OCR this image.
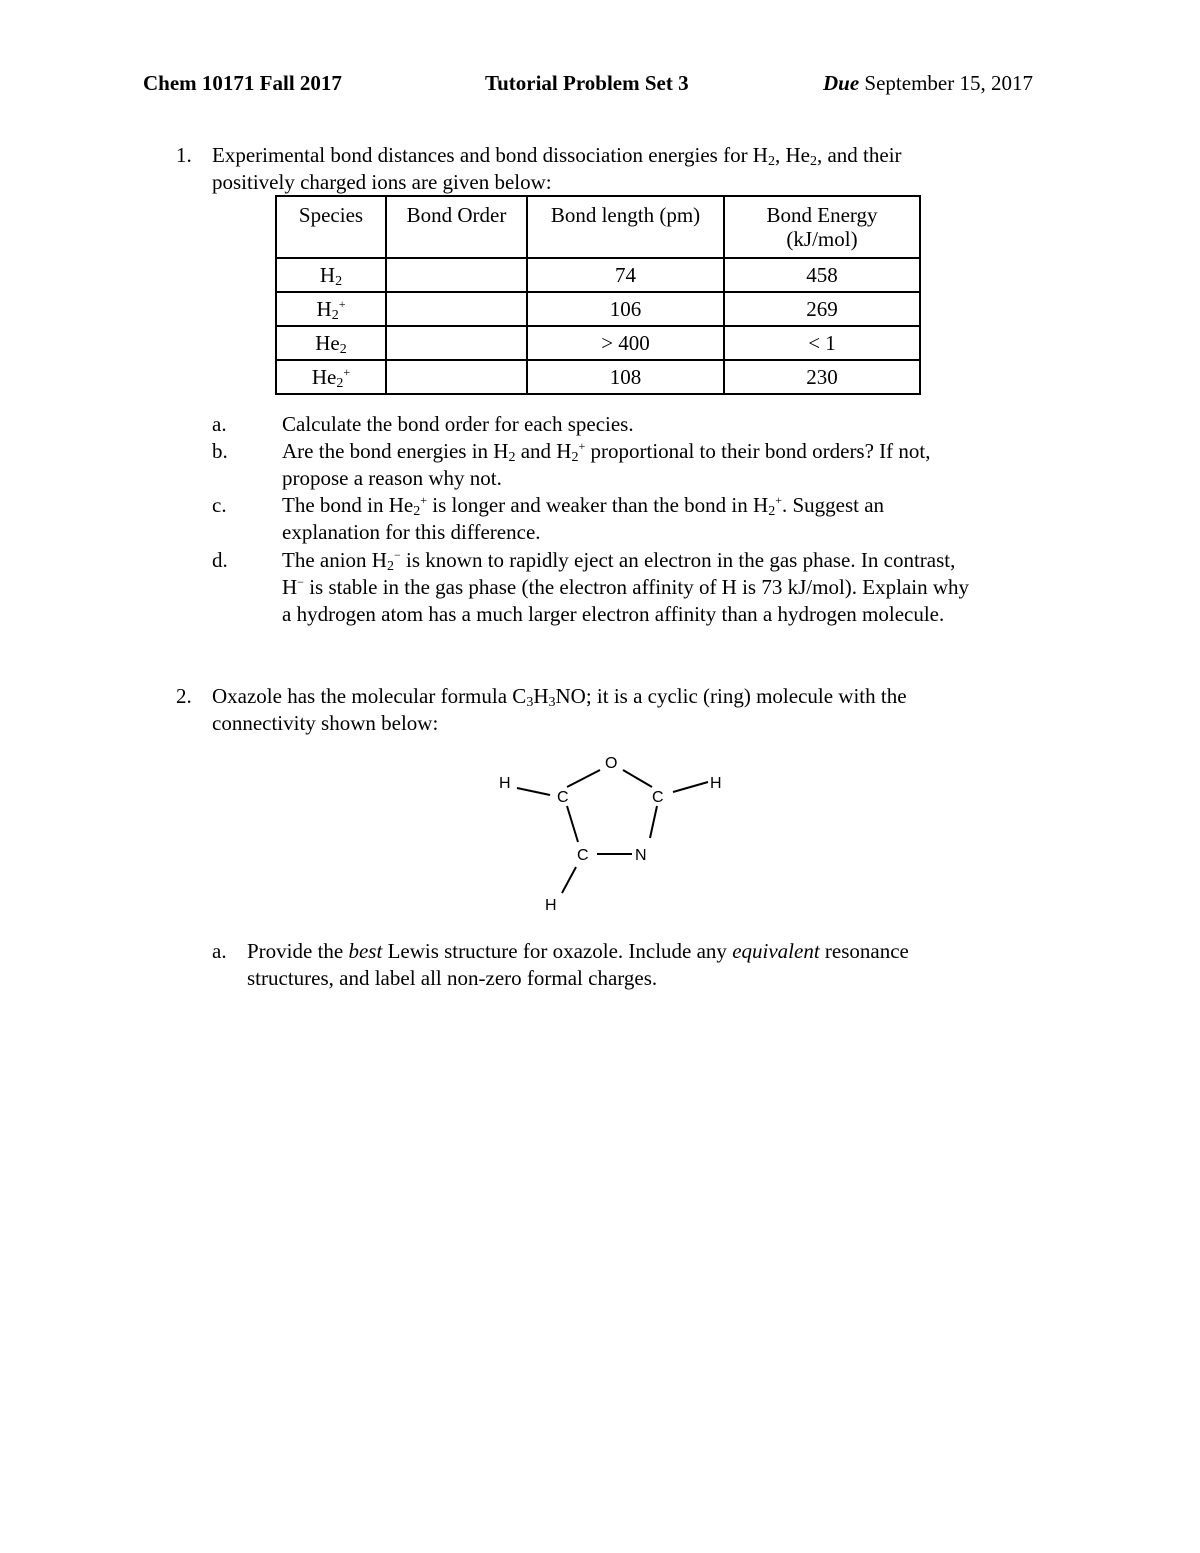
Chem 10171 Fall 2017	Tutorial Problem Set 3	Due September 15, 2017
1. Experimental bond distances and bond dissociation energies for $H_2$, $He_2$, and their
positively charged ions are given below:
Species	Bond Order	Bond length (pm)	Bond Energy
(kJ/mol)
$H_2$		74	458
$H_2^+$		106	269
$He_2$		> 400	< 1
$He_2^+$		108	230
a.	Calculate the bond order for each species.
b.	Are the bond energies in $H_2$ and $H_2^+$ proportional to their bond orders? If not,
propose a reason why not.
c.	The bond in $He_2^+$ is longer and weaker than the bond in $H_2^+$. Suggest an
explanation for this difference.
d.	The anion $H_2^-$ is known to rapidly eject an electron in the gas phase. In contrast,
H− is stable in the gas phase (the electron affinity of H is 73 kJ/mol). Explain why
a hydrogen atom has a much larger electron affinity than a hydrogen molecule.
2. Oxazole has the molecular formula $C_3H_3NO$; it is a cyclic (ring) molecule with the
connectivity shown below:
O
C	C
C	N
H	H
H
a. Provide the best Lewis structure for oxazole. Include any equivalent resonance
structures, and label all non-zero formal charges.
